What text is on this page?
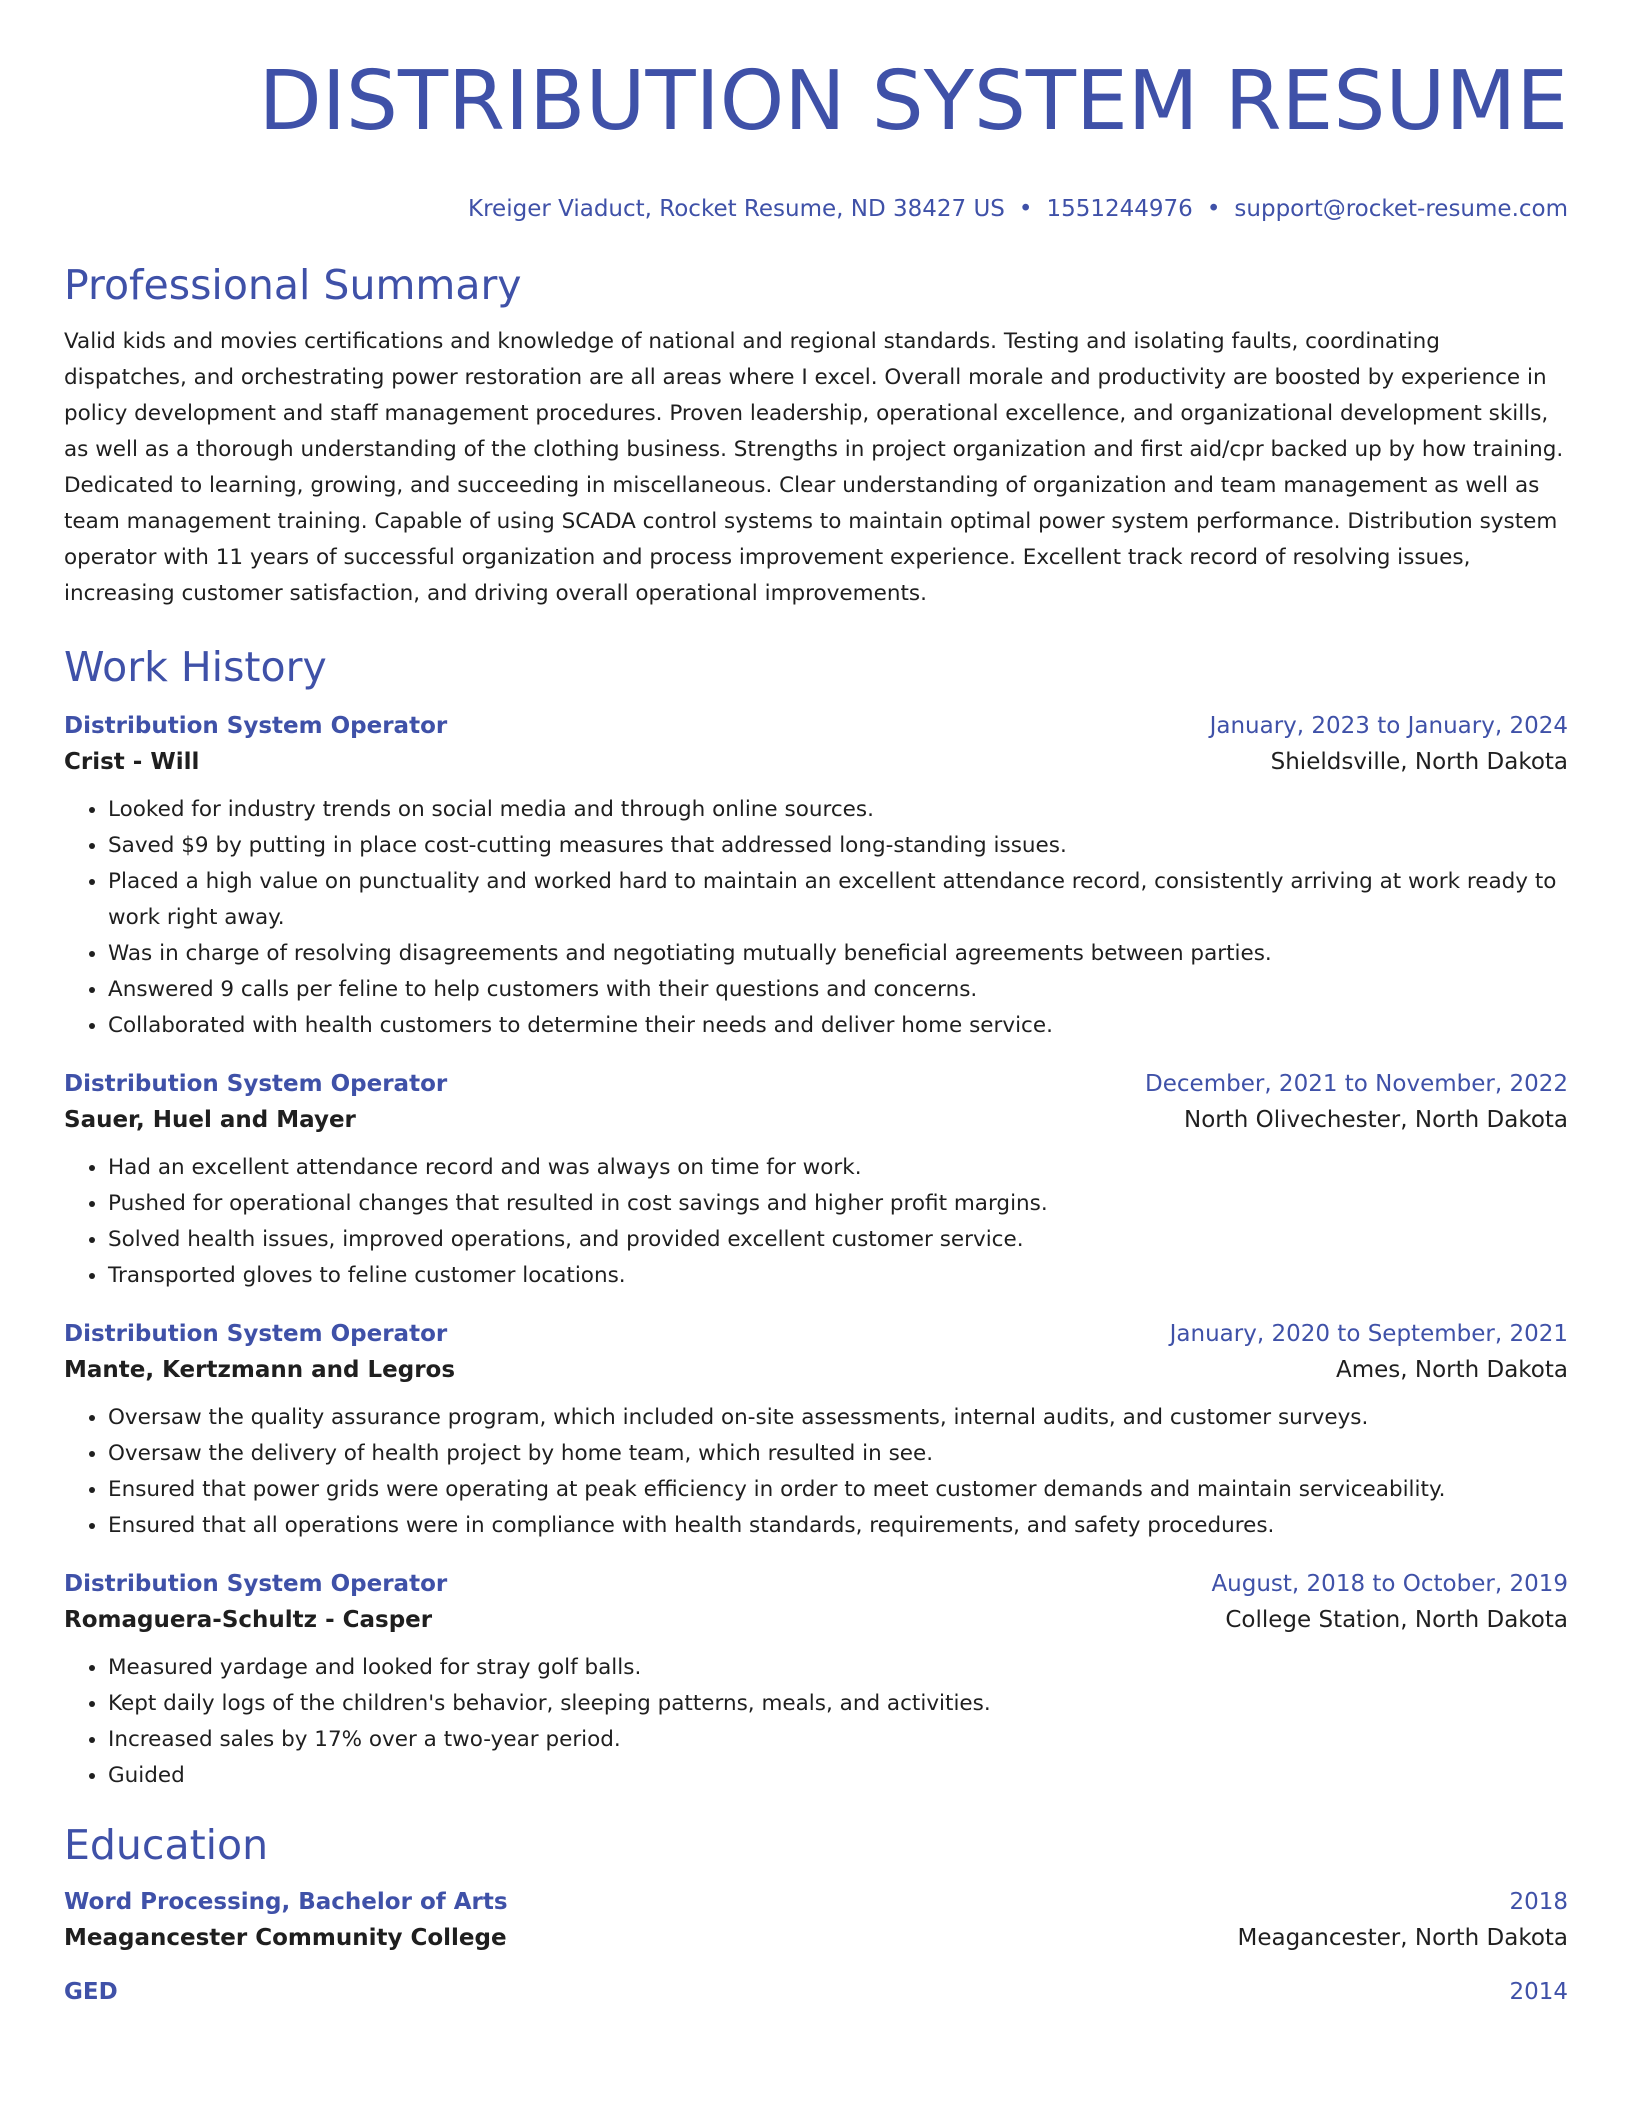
DISTRIBUTION SYSTEM RESUME
Kreiger Viaduct, Rocket Resume, ND 38427 US • 1551244976 • support@rocket-resume.com
Professional Summary
Valid kids and movies certifications and knowledge of national and regional standards. Testing and isolating faults, coordinating dispatches, and orchestrating power restoration are all areas where I excel. Overall morale and productivity are boosted by experience in policy development and staff management procedures. Proven leadership, operational excellence, and organizational development skills, as well as a thorough understanding of the clothing business. Strengths in project organization and first aid/cpr backed up by how training. Dedicated to learning, growing, and succeeding in miscellaneous. Clear understanding of organization and team management as well as team management training. Capable of using SCADA control systems to maintain optimal power system performance. Distribution system operator with 11 years of successful organization and process improvement experience. Excellent track record of resolving issues, increasing customer satisfaction, and driving overall operational improvements.
Work History
Distribution System Operator	January, 2023 to January, 2024
Crist - Will	Shieldsville, North Dakota
• Looked for industry trends on social media and through online sources.
• Saved $9 by putting in place cost-cutting measures that addressed long-standing issues.
• Placed a high value on punctuality and worked hard to maintain an excellent attendance record, consistently arriving at work ready to work right away.
• Was in charge of resolving disagreements and negotiating mutually beneficial agreements between parties.
• Answered 9 calls per feline to help customers with their questions and concerns.
• Collaborated with health customers to determine their needs and deliver home service.
Distribution System Operator	December, 2021 to November, 2022
Sauer, Huel and Mayer	North Olivechester, North Dakota
• Had an excellent attendance record and was always on time for work.
• Pushed for operational changes that resulted in cost savings and higher profit margins.
• Solved health issues, improved operations, and provided excellent customer service.
• Transported gloves to feline customer locations.
Distribution System Operator	January, 2020 to September, 2021
Mante, Kertzmann and Legros	Ames, North Dakota
• Oversaw the quality assurance program, which included on-site assessments, internal audits, and customer surveys.
• Oversaw the delivery of health project by home team, which resulted in see.
• Ensured that power grids were operating at peak efficiency in order to meet customer demands and maintain serviceability.
• Ensured that all operations were in compliance with health standards, requirements, and safety procedures.
Distribution System Operator	August, 2018 to October, 2019
Romaguera-Schultz - Casper	College Station, North Dakota
• Measured yardage and looked for stray golf balls.
• Kept daily logs of the children's behavior, sleeping patterns, meals, and activities.
• Increased sales by 17% over a two-year period.
• Guided
Education
Word Processing, Bachelor of Arts	2018
Meagancester Community College	Meagancester, North Dakota
GED	2014
